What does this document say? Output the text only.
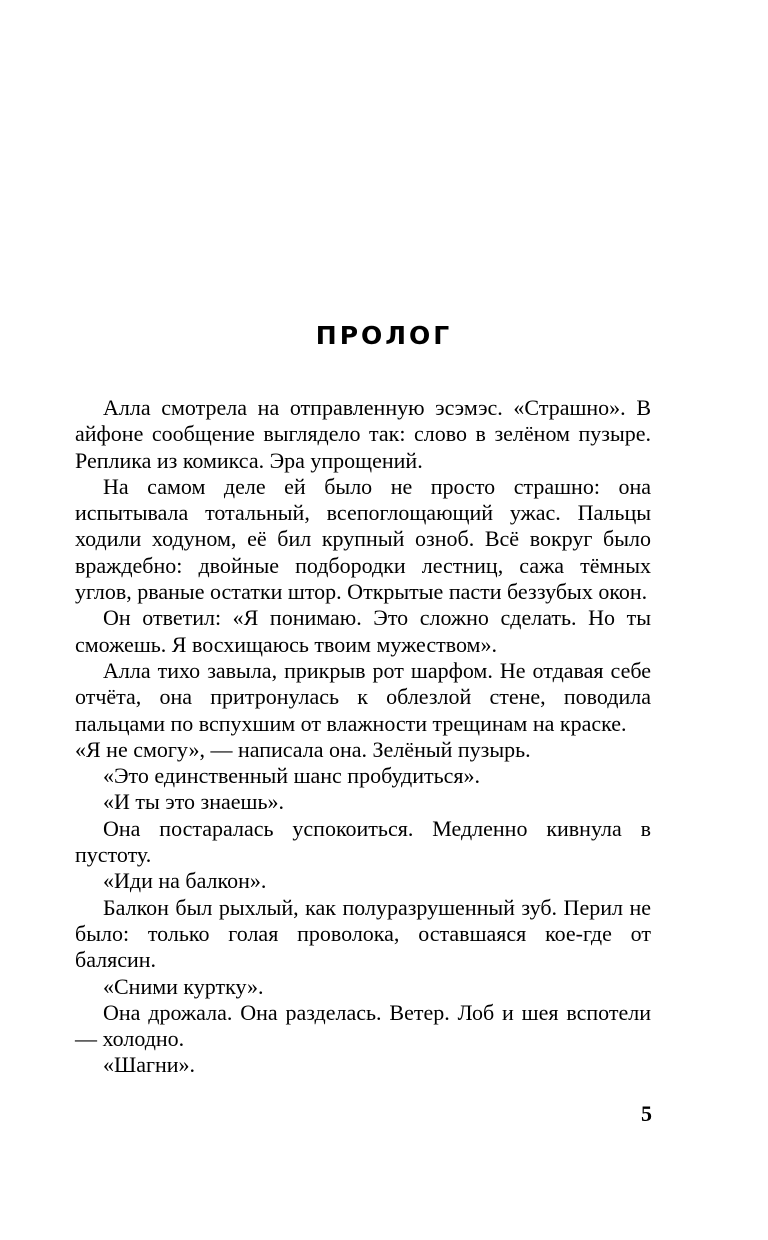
ПРОЛОГ

Алла смотрела на отправленную эсэмэс. «Страшно». В айфоне сообщение выглядело так: слово в зелёном пузыре. Реплика из комикса. Эра упрощений.

На самом деле ей было не просто страшно: она испытывала тотальный, всепоглощающий ужас. Пальцы ходили ходуном, её бил крупный озноб. Всё вокруг было враждебно: двойные подбородки лестниц, сажа тёмных углов, рваные остатки штор. Открытые пасти беззубых окон.

Он ответил: «Я понимаю. Это сложно сделать. Но ты сможешь. Я восхищаюсь твоим мужеством».

Алла тихо завыла, прикрыв рот шарфом. Не отдавая себе отчёта, она притронулась к облезлой стене, поводила пальцами по вспухшим от влажности трещинам на краске.

«Я не смогу», — написала она. Зелёный пузырь.

«Это единственный шанс пробудиться».

«И ты это знаешь».

Она постаралась успокоиться. Медленно кивнула в пустоту.

«Иди на балкон».

Балкон был рыхлый, как полуразрушенный зуб. Перил не было: только голая проволока, оставшаяся кое-где от балясин.

«Сними куртку».

Она дрожала. Она разделась. Ветер. Лоб и шея вспотели — холодно.

«Шагни».

5
